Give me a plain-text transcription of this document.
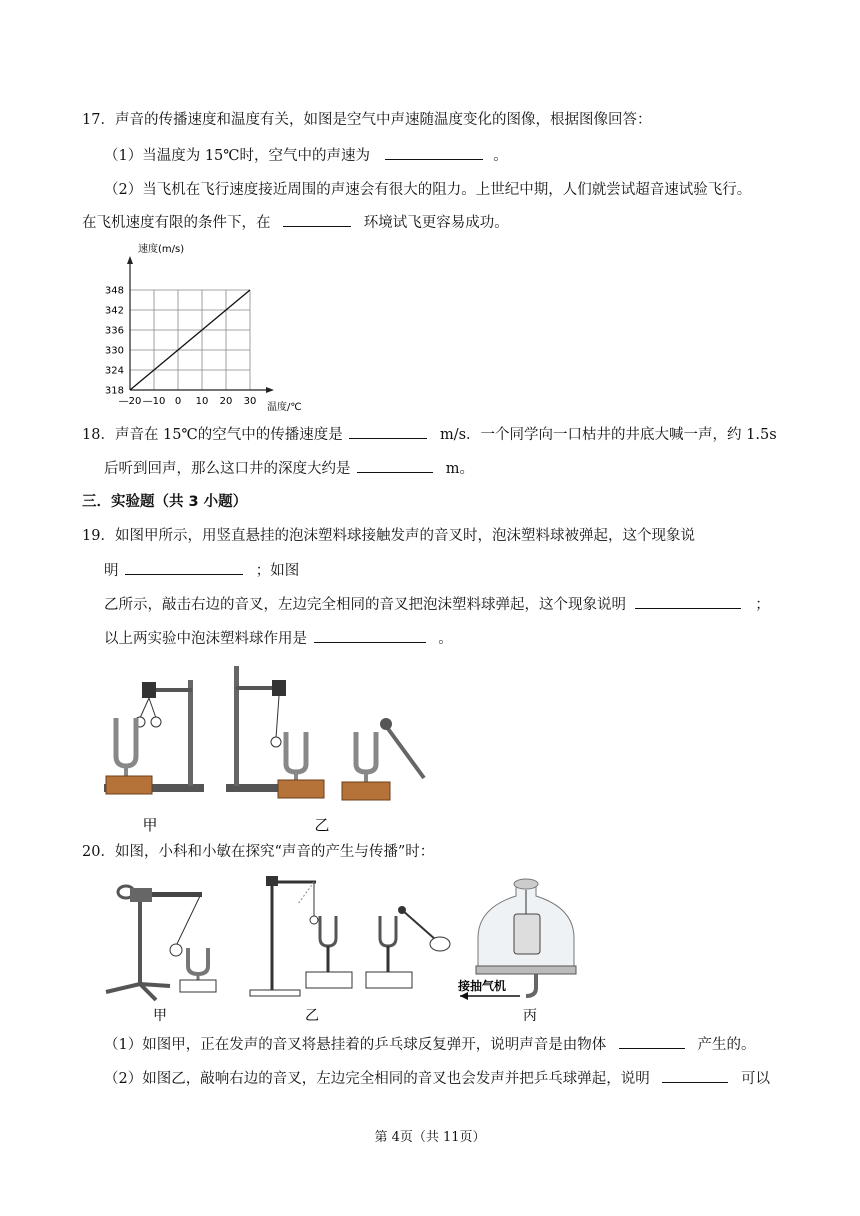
17．声音的传播速度和温度有关，如图是空气中声速随温度变化的图像，根据图像回答：
（1）当温度为 15℃时，空气中的声速为	。
（2）当飞机在飞行速度接近周围的声速会有很大的阻力。上世纪中期，人们就尝试超音速试验飞行。
在飞机速度有限的条件下，在	环境试飞更容易成功。
—20 —10 0 10 20 30
318
324
330
336
342
348
速度(m/s)
温度/℃
18．声音在 15℃的空气中的传播速度是	m/s．一个同学向一口枯井的井底大喊一声，约 1.5s
后听到回声，那么这口井的深度大约是	m。
三．实验题（共 3 小题）
19．如图甲所示，用竖直悬挂的泡沫塑料球接触发声的音叉时，泡沫塑料球被弹起，这个现象说
明	；如图
乙所示，敲击右边的音叉，左边完全相同的音叉把泡沫塑料球弹起，这个现象说明	；
以上两实验中泡沫塑料球作用是	。
甲	乙
20．如图，小科和小敏在探究“声音的产生与传播”时：
接抽气机
甲	乙	丙
（1）如图甲，正在发声的音叉将悬挂着的乒乓球反复弹开，说明声音是由物体	产生的。
（2）如图乙，敲响右边的音叉，左边完全相同的音叉也会发声并把乒乓球弹起，说明	可以
第 4页（共 11页）
